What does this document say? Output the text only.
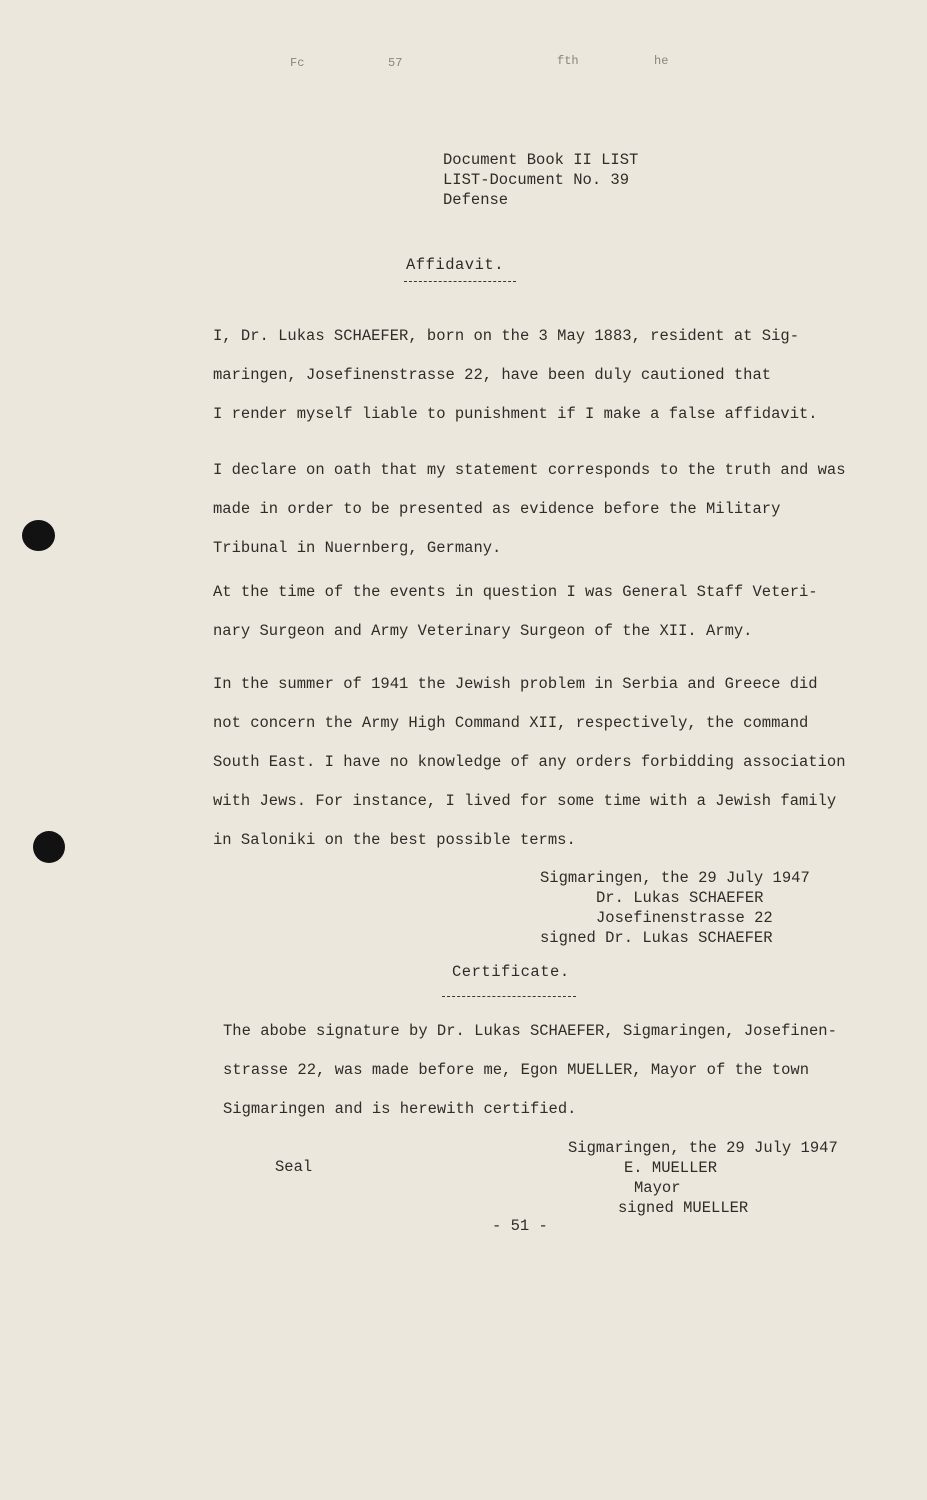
Fc	57	fth	he
Document Book II LIST
LIST-Document No. 39
Defense
Affidavit.
I, Dr. Lukas SCHAEFER, born on the 3 May 1883, resident at Sig-
maringen, Josefinenstrasse 22, have been duly cautioned that
I render myself liable to punishment if I make a false affidavit.
I declare on oath that my statement corresponds to the truth and was
made in order to be presented as evidence before the Military
Tribunal in Nuernberg, Germany.
At the time of the events in question I was General Staff Veteri-
nary Surgeon and Army Veterinary Surgeon of the XII. Army.
In the summer of 1941 the Jewish problem in Serbia and Greece did
not concern the Army High Command XII, respectively, the command
South East. I have no knowledge of any orders forbidding association
with Jews. For instance, I lived for some time with a Jewish family
in Saloniki on the best possible terms.
Sigmaringen, the 29 July 1947
Dr. Lukas SCHAEFER
Josefinenstrasse 22
signed Dr. Lukas SCHAEFER
Certificate.
The abobe signature by Dr. Lukas SCHAEFER, Sigmaringen, Josefinen-
strasse 22, was made before me, Egon MUELLER, Mayor of the town
Sigmaringen and is herewith certified.
Seal
Sigmaringen, the 29 July 1947
E. MUELLER
Mayor
signed MUELLER
- 51 -
